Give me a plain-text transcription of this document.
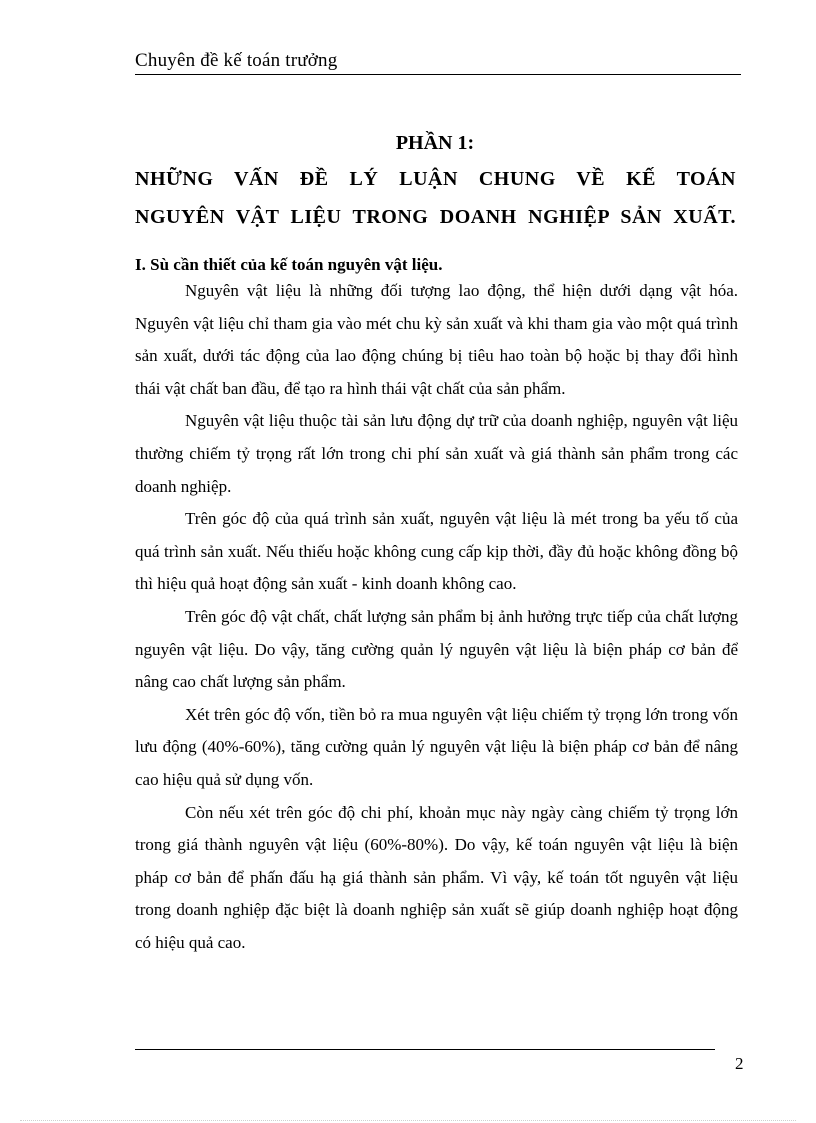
Chuyên đề kế toán trưởng
PHẦN 1:
NHỮNG VẤN ĐỀ LÝ LUẬN CHUNG VỀ KẾ TOÁN
NGUYÊN VẬT LIỆU TRONG DOANH NGHIỆP SẢN XUẤT.
I. Sù cần thiết của kế toán nguyên vật liệu.

Nguyên vật liệu là những đối tượng lao động, thể hiện dưới dạng vật hóa. Nguyên vật liệu chỉ tham gia vào mét chu kỳ sản xuất và khi tham gia vào một quá trình sản xuất, dưới tác động của lao động chúng bị tiêu hao toàn bộ hoặc bị thay đổi hình thái vật chất ban đầu, để tạo ra hình thái vật chất của sản phẩm.

Nguyên vật liệu thuộc tài sản lưu động dự trữ của doanh nghiệp, nguyên vật liệu thường chiếm tỷ trọng rất lớn trong chi phí sản xuất và giá thành sản phẩm trong các doanh nghiệp.

Trên góc độ của quá trình sản xuất, nguyên vật liệu là mét trong ba yếu tố của quá trình sản xuất. Nếu thiếu hoặc không cung cấp kịp thời, đầy đủ hoặc không đồng bộ thì hiệu quả hoạt động sản xuất - kinh doanh không cao.

Trên góc độ vật chất, chất lượng sản phẩm bị ảnh hưởng trực tiếp của chất lượng nguyên vật liệu. Do vậy, tăng cường quản lý nguyên vật liệu là biện pháp cơ bản để nâng cao chất lượng sản phẩm.

Xét trên góc độ vốn, tiền bỏ ra mua nguyên vật liệu chiếm tỷ trọng lớn trong vốn lưu động (40%-60%), tăng cường quản lý nguyên vật liệu là biện pháp cơ bản để nâng cao hiệu quả sử dụng vốn.

Còn nếu xét trên góc độ chi phí, khoản mục này ngày càng chiếm tỷ trọng lớn trong giá thành nguyên vật liệu (60%-80%). Do vậy, kế toán nguyên vật liệu là biện pháp cơ bản để phấn đấu hạ giá thành sản phẩm. Vì vậy, kế toán tốt nguyên vật liệu trong doanh nghiệp đặc biệt là doanh nghiệp sản xuất sẽ giúp doanh nghiệp hoạt động có hiệu quả cao.

2
